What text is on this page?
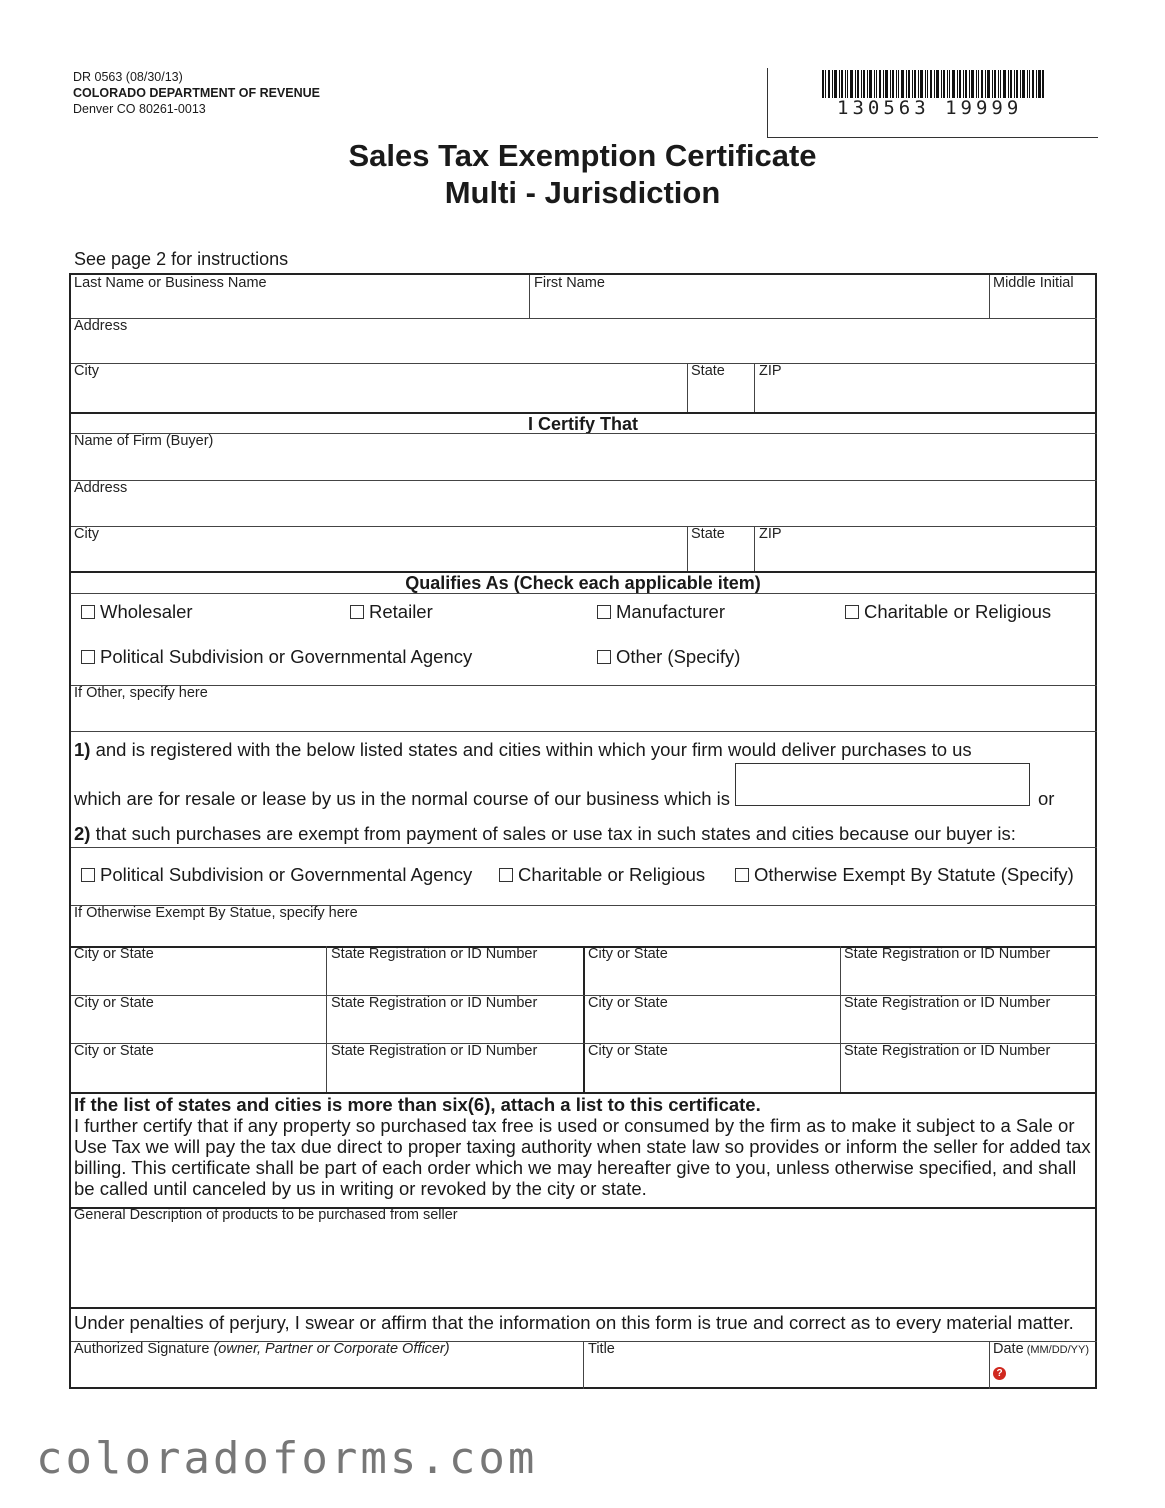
DR 0563 (08/30/13)
COLORADO DEPARTMENT OF REVENUE
Denver CO 80261-0013	130563 19999
Sales Tax Exemption Certificate
Multi - Jurisdiction
See page 2 for instructions
Last Name or Business Name	First Name	Middle Initial
Address
City	State ZIP
I Certify That
Name of Firm (Buyer)
Address
City	State ZIP
Qualifies As (Check each applicable item)
Wholesaler	Retailer	Manufacturer	Charitable or Religious
Political Subdivision or Governmental Agency	Other (Specify)
If Other, specify here
1) and is registered with the below listed states and cities within which your firm would deliver purchases to us
which are for resale or lease by us in the normal course of our business which is	or
2) that such purchases are exempt from payment of sales or use tax in such states and cities because our buyer is:
Political Subdivision or Governmental Agency Charitable or Religious	Otherwise Exempt By Statute (Specify)
If Otherwise Exempt By Statue, specify here
City or State	State Registration or ID Number	City or State	State Registration or ID Number
City or State	State Registration or ID Number	City or State	State Registration or ID Number
City or State	State Registration or ID Number	City or State	State Registration or ID Number
If the list of states and cities is more than six(6), attach a list to this certificate.
I further certify that if any property so purchased tax free is used or consumed by the firm as to make it subject to a Sale or Use Tax we will pay the tax due direct to proper taxing authority when state law so provides or inform the seller for added tax billing. This certificate shall be part of each order which we may hereafter give to you, unless otherwise specified, and shall be called until canceled by us in writing or revoked by the city or state.
General Description of products to be purchased from seller
Under penalties of perjury, I swear or affirm that the information on this form is true and correct as to every material matter.
Authorized Signature (owner, Partner or Corporate Officer)	Title	Date (MM/DD/YY)
?
coloradoforms.com
